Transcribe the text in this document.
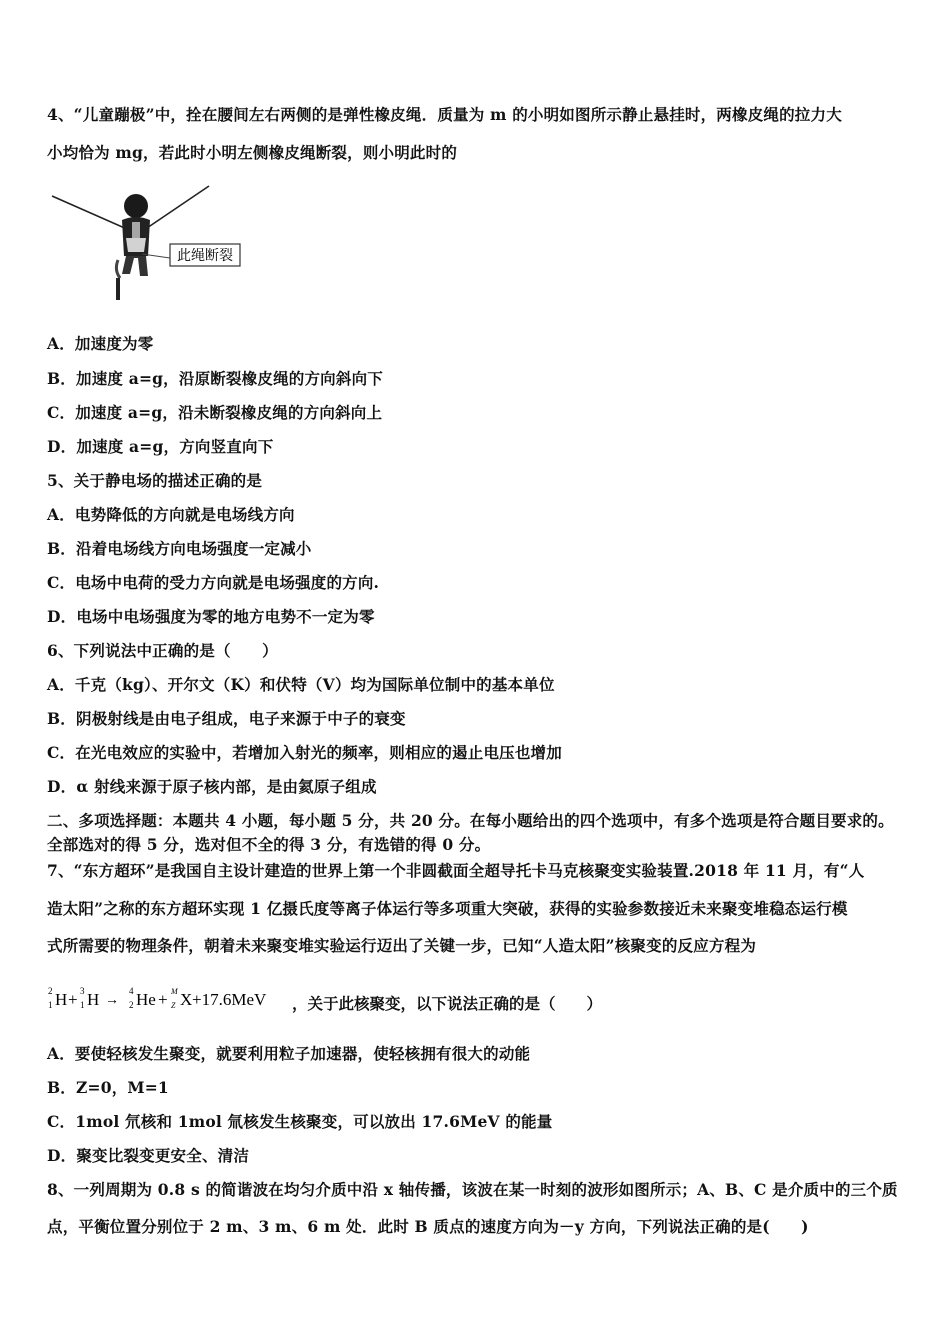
4、“儿童蹦极”中，拴在腰间左右两侧的是弹性橡皮绳．质量为 m 的小明如图所示静止悬挂时，两橡皮绳的拉力大
小均恰为 mg，若此时小明左侧橡皮绳断裂，则小明此时的
此绳断裂
A．加速度为零
B．加速度 a=g，沿原断裂橡皮绳的方向斜向下
C．加速度 a=g，沿未断裂橡皮绳的方向斜向上
D．加速度 a=g，方向竖直向下
5、关于静电场的描述正确的是
A．电势降低的方向就是电场线方向
B．沿着电场线方向电场强度一定减小
C．电场中电荷的受力方向就是电场强度的方向.
D．电场中电场强度为零的地方电势不一定为零
6、下列说法中正确的是（　　）
A．千克（kg）、开尔文（K）和伏特（V）均为国际单位制中的基本单位
B．阴极射线是由电子组成，电子来源于中子的衰变
C．在光电效应的实验中，若增加入射光的频率，则相应的遏止电压也增加
D．α 射线来源于原子核内部，是由氦原子组成
二、多项选择题：本题共 4 小题，每小题 5 分，共 20 分。在每小题给出的四个选项中，有多个选项是符合题目要求的。
全部选对的得 5 分，选对但不全的得 3 分，有选错的得 0 分。
7、“东方超环”是我国自主设计建造的世界上第一个非圆截面全超导托卡马克核聚变实验装置.2018 年 11 月，有“人
造太阳”之称的东方超环实现 1 亿摄氏度等离子体运行等多项重大突破，获得的实验参数接近未来聚变堆稳态运行模
式所需要的物理条件，朝着未来聚变堆实验运行迈出了关键一步，已知“人造太阳”核聚变的反应方程为
2
1 H + 3
1 H →
4
2 He + M
Z X +17.6MeV ，关于此核聚变，以下说法正确的是（　　）
A．要使轻核发生聚变，就要利用粒子加速器，使轻核拥有很大的动能
B．Z=0，M=1
C．1mol 氘核和 1mol 氚核发生核聚变，可以放出 17.6MeV 的能量
D．聚变比裂变更安全、清洁
8、一列周期为 0.8 s 的简谐波在均匀介质中沿 x 轴传播，该波在某一时刻的波形如图所示；A、B、C 是介质中的三个质
点，平衡位置分别位于 2 m、3 m、6 m 处．此时 B 质点的速度方向为－y 方向，下列说法正确的是(　　)
